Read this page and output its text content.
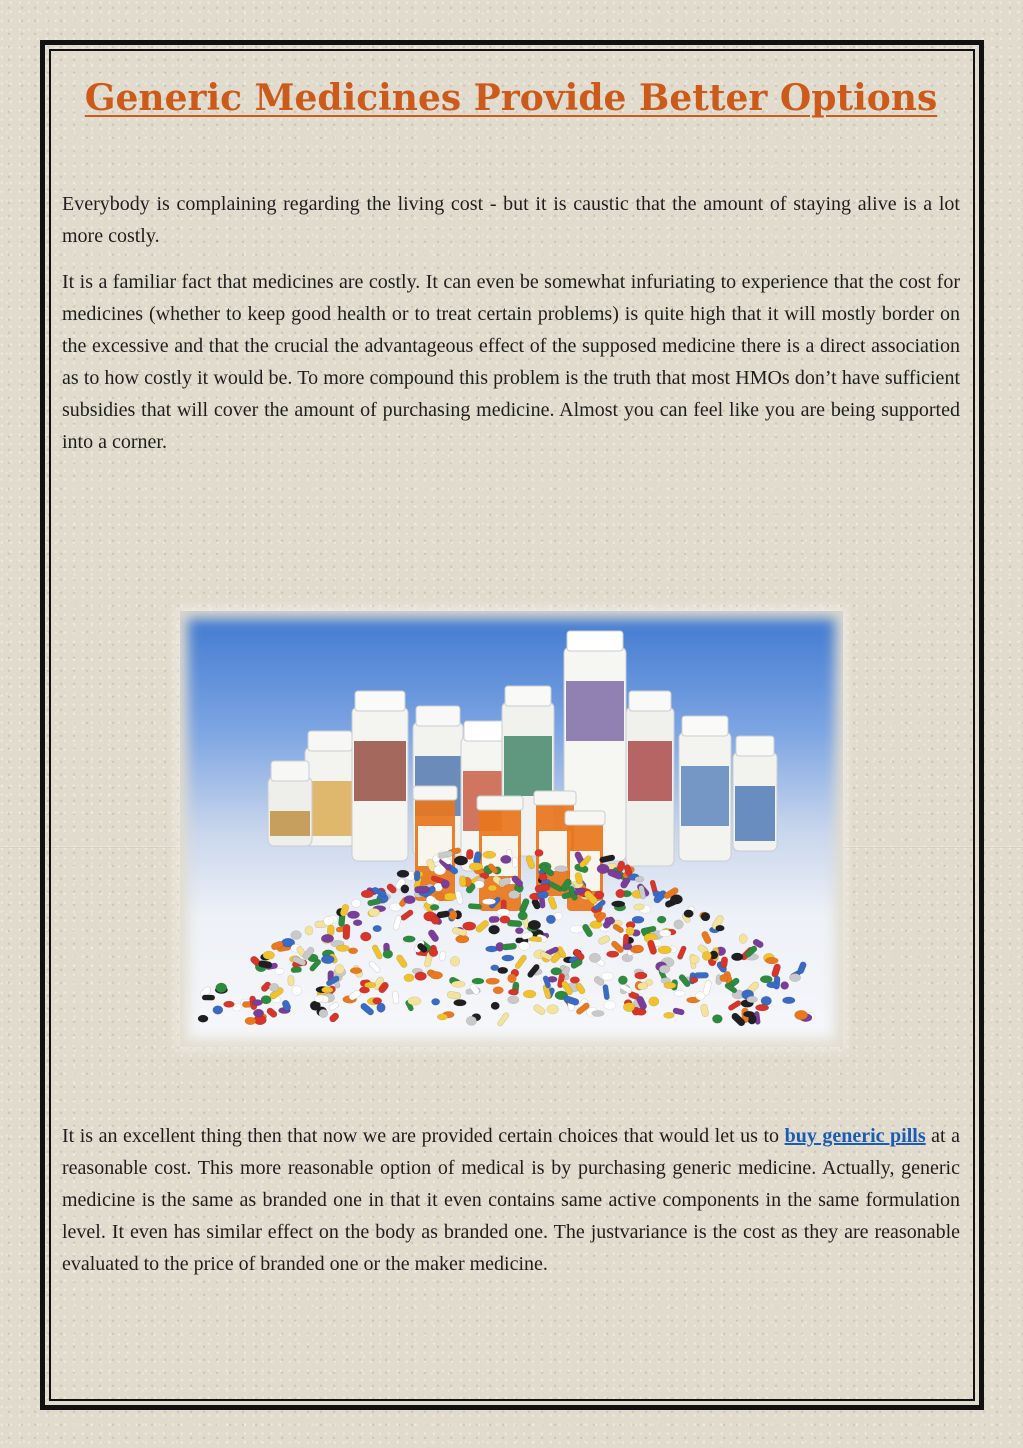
Generic Medicines Provide Better Options

Everybody is complaining regarding the living cost - but it is caustic that the amount of staying alive is a lot more costly.

It is a familiar fact that medicines are costly. It can even be somewhat infuriating to experience that the cost for medicines (whether to keep good health or to treat certain problems) is quite high that it will mostly border on the excessive and that the crucial the advantageous effect of the supposed medicine there is a direct association as to how costly it would be. To more compound this problem is the truth that most HMOs don’t have sufficient subsidies that will cover the amount of purchasing medicine. Almost you can feel like you are being supported into a corner.

It is an excellent thing then that now we are provided certain choices that would let us to buy generic pills at a reasonable cost. This more reasonable option of medical is by purchasing generic medicine. Actually, generic medicine is the same as branded one in that it even contains same active components in the same formulation level. It even has similar effect on the body as branded one. The justvariance is the cost as they are reasonable evaluated to the price of branded one or the maker medicine.
